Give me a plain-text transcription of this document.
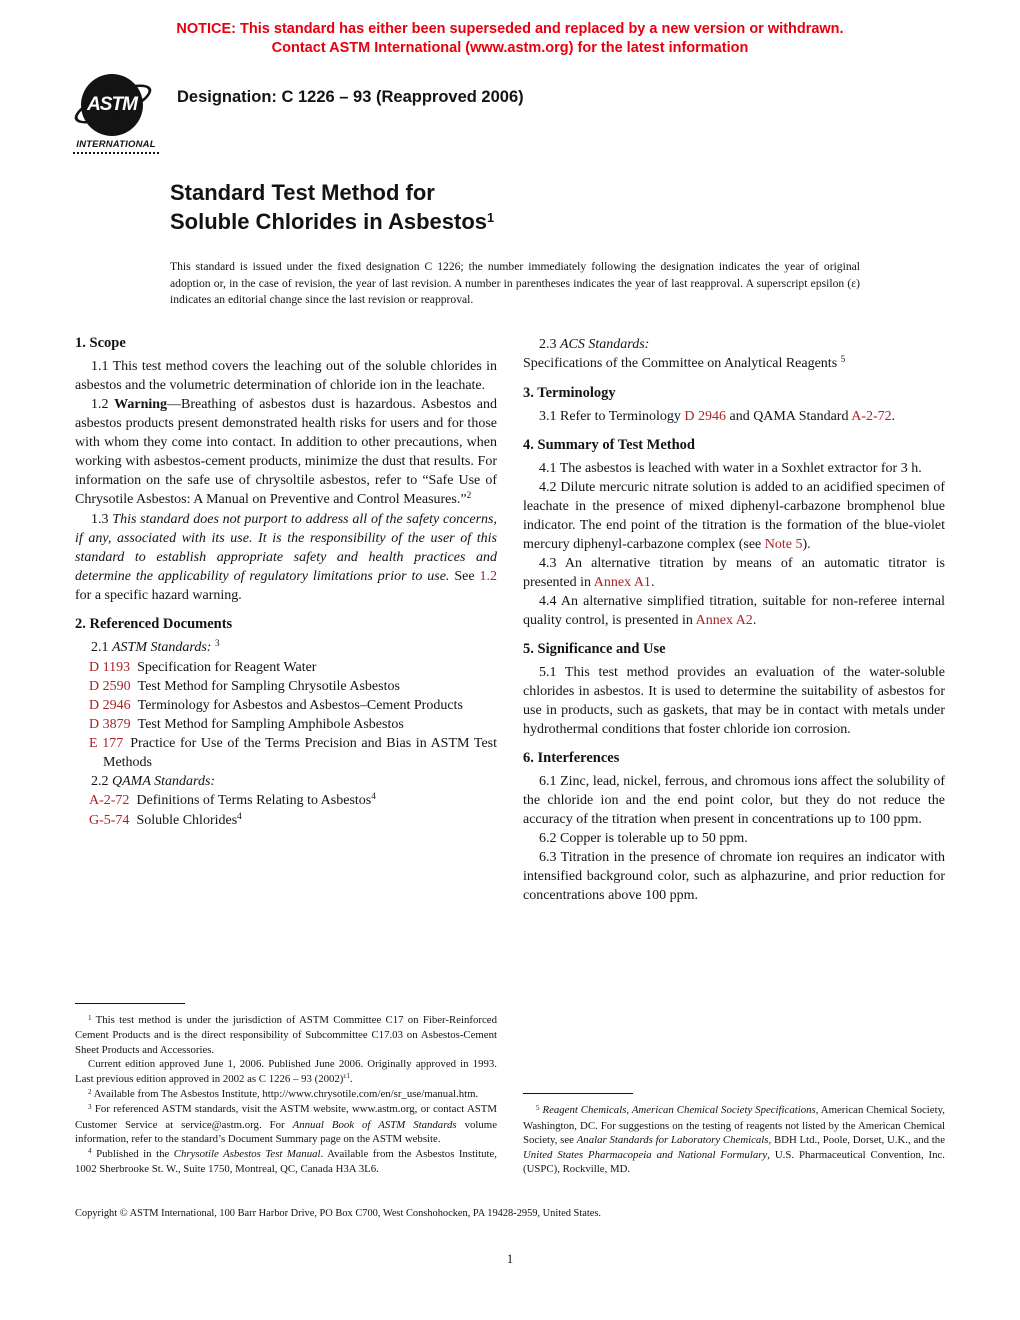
NOTICE: This standard has either been superseded and replaced by a new version or withdrawn.
Contact ASTM International (www.astm.org) for the latest information
ASTM
INTERNATIONAL
Designation: C 1226 – 93 (Reapproved 2006)
Standard Test Method for
Soluble Chlorides in Asbestos$^1$

This standard is issued under the fixed designation C 1226; the number immediately following the designation indicates the year of original adoption or, in the case of revision, the year of last revision. A number in parentheses indicates the year of last reapproval. A superscript epsilon (ε) indicates an editorial change since the last revision or reapproval.

1. Scope

1.1 This test method covers the leaching out of the soluble chlorides in asbestos and the volumetric determination of chloride ion in the leachate.

1.2 Warning—Breathing of asbestos dust is hazardous. Asbestos and asbestos products present demonstrated health risks for users and for those with whom they come into contact. In addition to other precautions, when working with asbestos-cement products, minimize the dust that results. For information on the safe use of chrysoltile asbestos, refer to “Safe Use of Chrysotile Asbestos: A Manual on Preventive and Control Measures.”$^2$

1.3 This standard does not purport to address all of the safety concerns, if any, associated with its use. It is the responsibility of the user of this standard to establish appropriate safety and health practices and determine the applicability of regulatory limitations prior to use. See 1.2 for a specific hazard warning.

2. Referenced Documents

2.1 ASTM Standards: $^3$

D 1193 Specification for Reagent Water

D 2590 Test Method for Sampling Chrysotile Asbestos

D 2946 Terminology for Asbestos and Asbestos–Cement Products

D 3879 Test Method for Sampling Amphibole Asbestos

E 177 Practice for Use of the Terms Precision and Bias in ASTM Test Methods

2.2 QAMA Standards:

A-2-72 Definitions of Terms Relating to Asbestos$^4$

G-5-74 Soluble Chlorides$^4$

$^1$ This test method is under the jurisdiction of ASTM Committee C17 on Fiber-Reinforced Cement Products and is the direct responsibility of Subcommittee C17.03 on Asbestos-Cement Sheet Products and Accessories.

Current edition approved June 1, 2006. Published June 2006. Originally approved in 1993. Last previous edition approved in 2002 as C 1226 – 93 $(2002)^{\varepsilon 1}$.

$^2$ Available from The Asbestos Institute, http://www.chrysotile.com/en/sr_use/manual.htm.

$^3$ For referenced ASTM standards, visit the ASTM website, www.astm.org, or contact ASTM Customer Service at service@astm.org. For Annual Book of ASTM Standards volume information, refer to the standard’s Document Summary page on the ASTM website.

$^4$ Published in the Chrysotile Asbestos Test Manual. Available from the Asbestos Institute, 1002 Sherbrooke St. W., Suite 1750, Montreal, QC, Canada H3A 3L6.

2.3 ACS Standards:

Specifications of the Committee on Analytical Reagents $^5$

3. Terminology

3.1 Refer to Terminology D 2946 and QAMA Standard A-2-72.

4. Summary of Test Method

4.1 The asbestos is leached with water in a Soxhlet extractor for 3 h.

4.2 Dilute mercuric nitrate solution is added to an acidified specimen of leachate in the presence of mixed diphenyl-carbazone bromphenol blue indicator. The end point of the titration is the formation of the blue-violet mercury diphenyl-carbazone complex (see Note 5).

4.3 An alternative titration by means of an automatic titrator is presented in Annex A1.

4.4 An alternative simplified titration, suitable for non-referee internal quality control, is presented in Annex A2.

5. Significance and Use

5.1 This test method provides an evaluation of the water-soluble chlorides in asbestos. It is used to determine the suitability of asbestos for use in products, such as gaskets, that may be in contact with metals under hydrothermal conditions that foster chloride ion corrosion.

6. Interferences

6.1 Zinc, lead, nickel, ferrous, and chromous ions affect the solubility of the chloride ion and the end point color, but they do not reduce the accuracy of the titration when present in concentrations up to 100 ppm.

6.2 Copper is tolerable up to 50 ppm.

6.3 Titration in the presence of chromate ion requires an indicator with intensified background color, such as alphazurine, and prior reduction for concentrations above 100 ppm.

$^5$ Reagent Chemicals, American Chemical Society Specifications, American Chemical Society, Washington, DC. For suggestions on the testing of reagents not listed by the American Chemical Society, see Analar Standards for Laboratory Chemicals, BDH Ltd., Poole, Dorset, U.K., and the United States Pharmacopeia and National Formulary, U.S. Pharmaceutical Convention, Inc. (USPC), Rockville, MD.

Copyright © ASTM International, 100 Barr Harbor Drive, PO Box C700, West Conshohocken, PA 19428-2959, United States.
1
